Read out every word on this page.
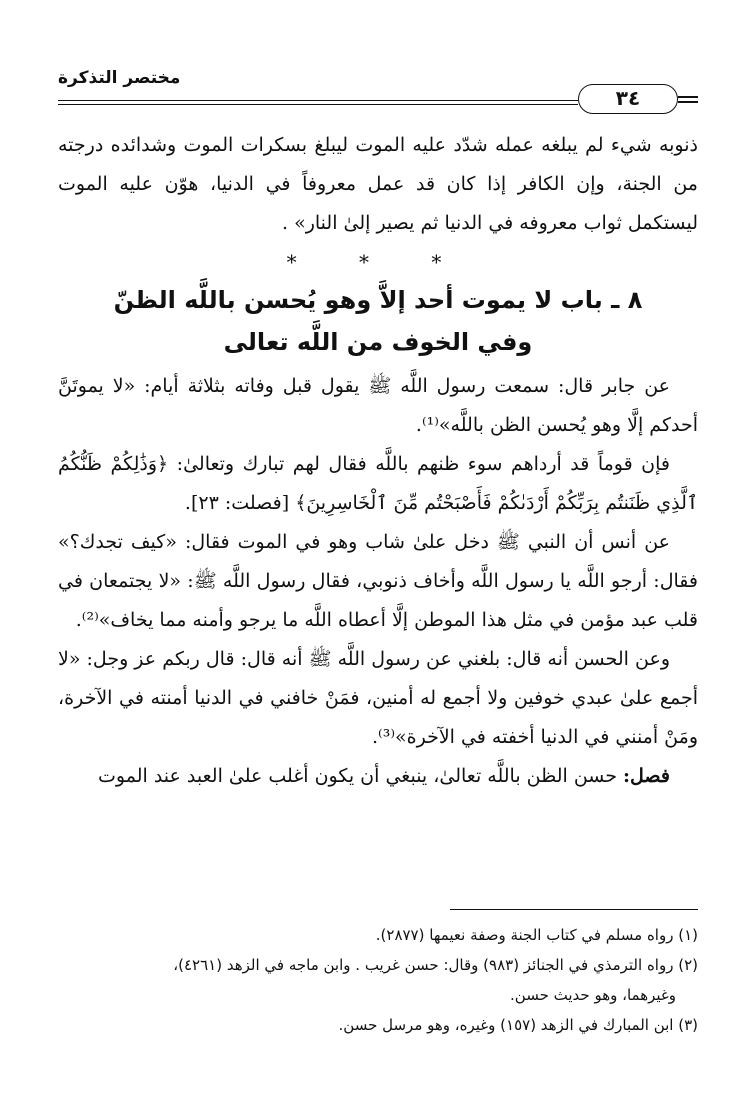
مختصر التذكرة
٣٤

ذنوبه شيء لم يبلغه عمله شدّد عليه الموت ليبلغ بسكرات الموت وشدائده درجته من الجنة، وإن الكافر إذا كان قد عمل معروفاً في الدنيا، هوّن عليه الموت ليستكمل ثواب معروفه في الدنيا ثم يصير إلىٰ النار» .

* * *
٨ ـ باب لا يموت أحد إلاَّ وهو يُحسن باللَّه الظنّ
وفي الخوف من اللَّه تعالى

عن جابر قال: سمعت رسول اللَّه ﷺ يقول قبل وفاته بثلاثة أيام: «لا يموتَنَّ أحدكم إلَّا وهو يُحسن الظن باللَّه»⁽¹⁾.

فإن قوماً قد أرداهم سوء ظنهم باللَّه فقال لهم تبارك وتعالىٰ: ﴿وَذَٰلِكُمْ ظَنُّكُمُ ٱلَّذِي ظَنَنتُم بِرَبِّكُمْ أَرْدَىٰكُمْ فَأَصْبَحْتُم مِّنَ ٱلْخَاسِرِينَ﴾ [فصلت: ٢٣].

عن أنس أن النبي ﷺ دخل علىٰ شاب وهو في الموت فقال: «كيف تجدك؟» فقال: أرجو اللَّه يا رسول اللَّه وأخاف ذنوبي، فقال رسول اللَّه ﷺ: «لا يجتمعان في قلب عبد مؤمن في مثل هذا الموطن إلَّا أعطاه اللَّه ما يرجو وأمنه مما يخاف»⁽²⁾.

وعن الحسن أنه قال: بلغني عن رسول اللَّه ﷺ أنه قال: قال ربكم عز وجل: «لا أجمع علىٰ عبدي خوفين ولا أجمع له أمنين، فمَنْ خافني في الدنيا أمنته في الآخرة، ومَنْ أمنني في الدنيا أخفته في الآخرة»⁽³⁾.

فصل: حسن الظن باللَّه تعالىٰ، ينبغي أن يكون أغلب علىٰ العبد عند الموت

(١) رواه مسلم في كتاب الجنة وصفة نعيمها (٢٨٧٧).

(٢) رواه الترمذي في الجنائز (٩٨٣) وقال: حسن غريب . وابن ماجه في الزهد (٤٢٦١)،

وغيرهما، وهو حديث حسن.

(٣) ابن المبارك في الزهد (١٥٧) وغيره، وهو مرسل حسن.
